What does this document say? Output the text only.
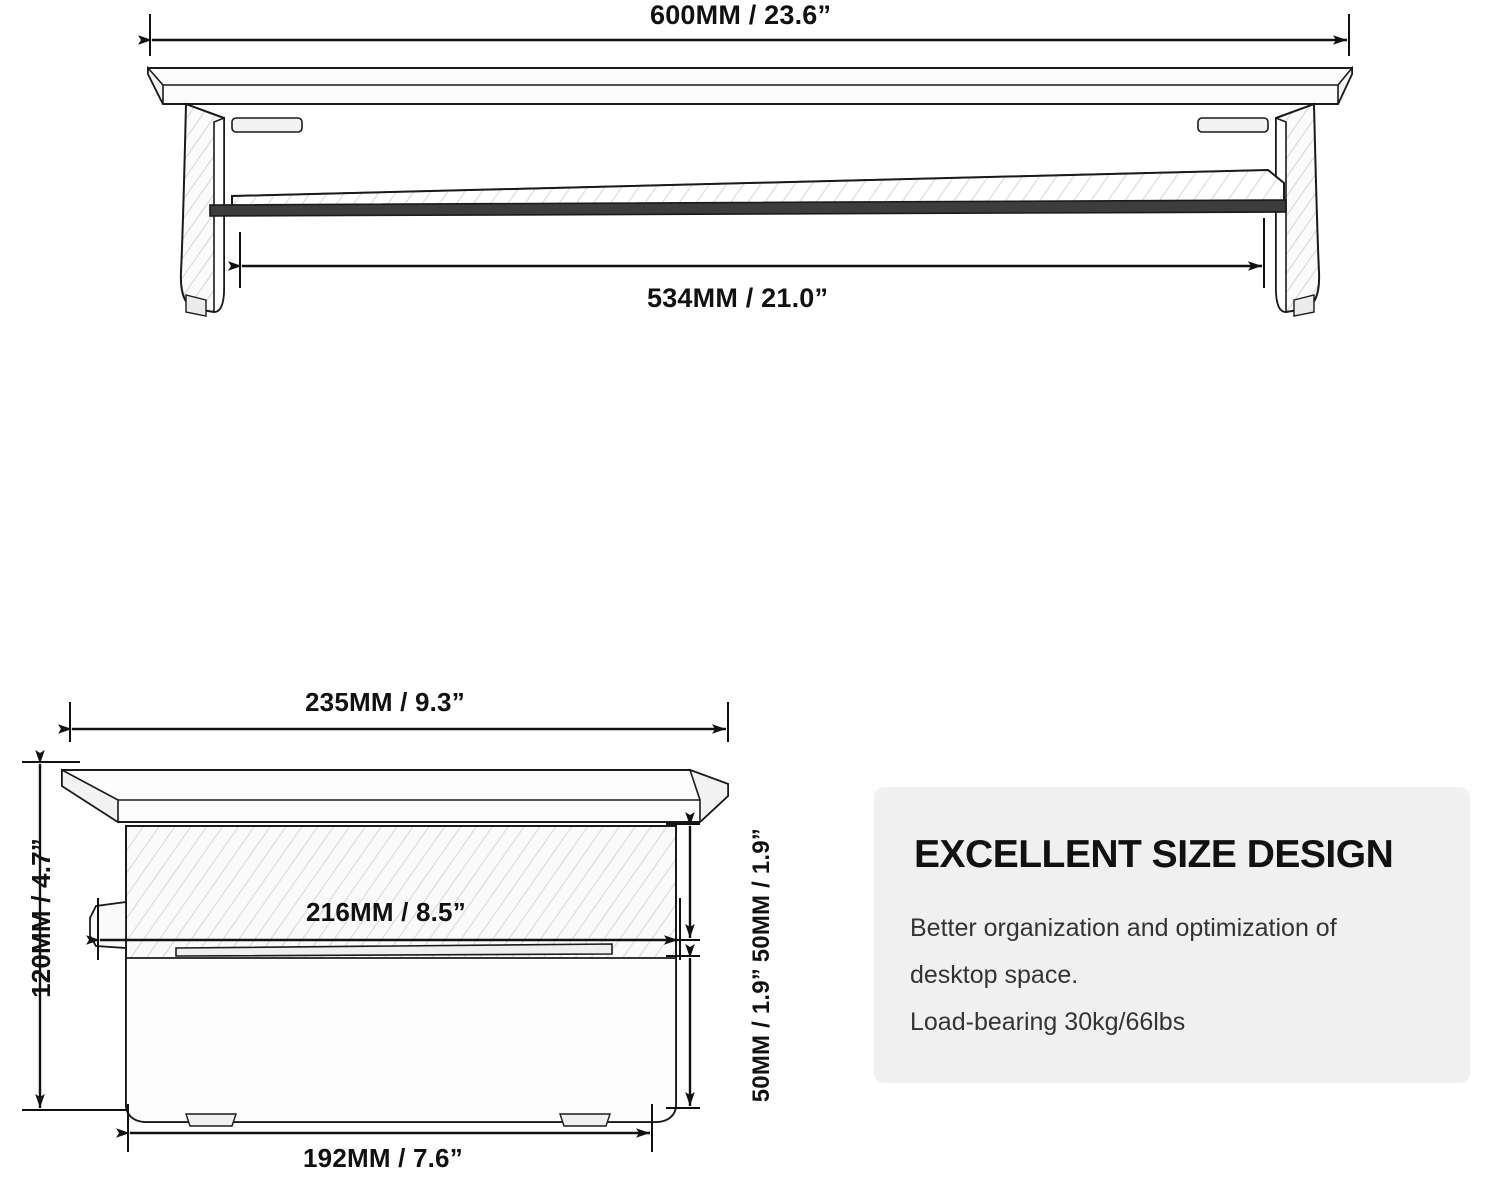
600MM / 23.6”
534MM / 21.0”
235MM / 9.3”
120MM / 4.7”	50MM / 1.9”
50MM / 1.9”
216MM / 8.5”
192MM / 7.6”
EXCELLENT SIZE DESIGN
Better organization and optimization of
desktop space.
Load-bearing 30kg/66lbs
